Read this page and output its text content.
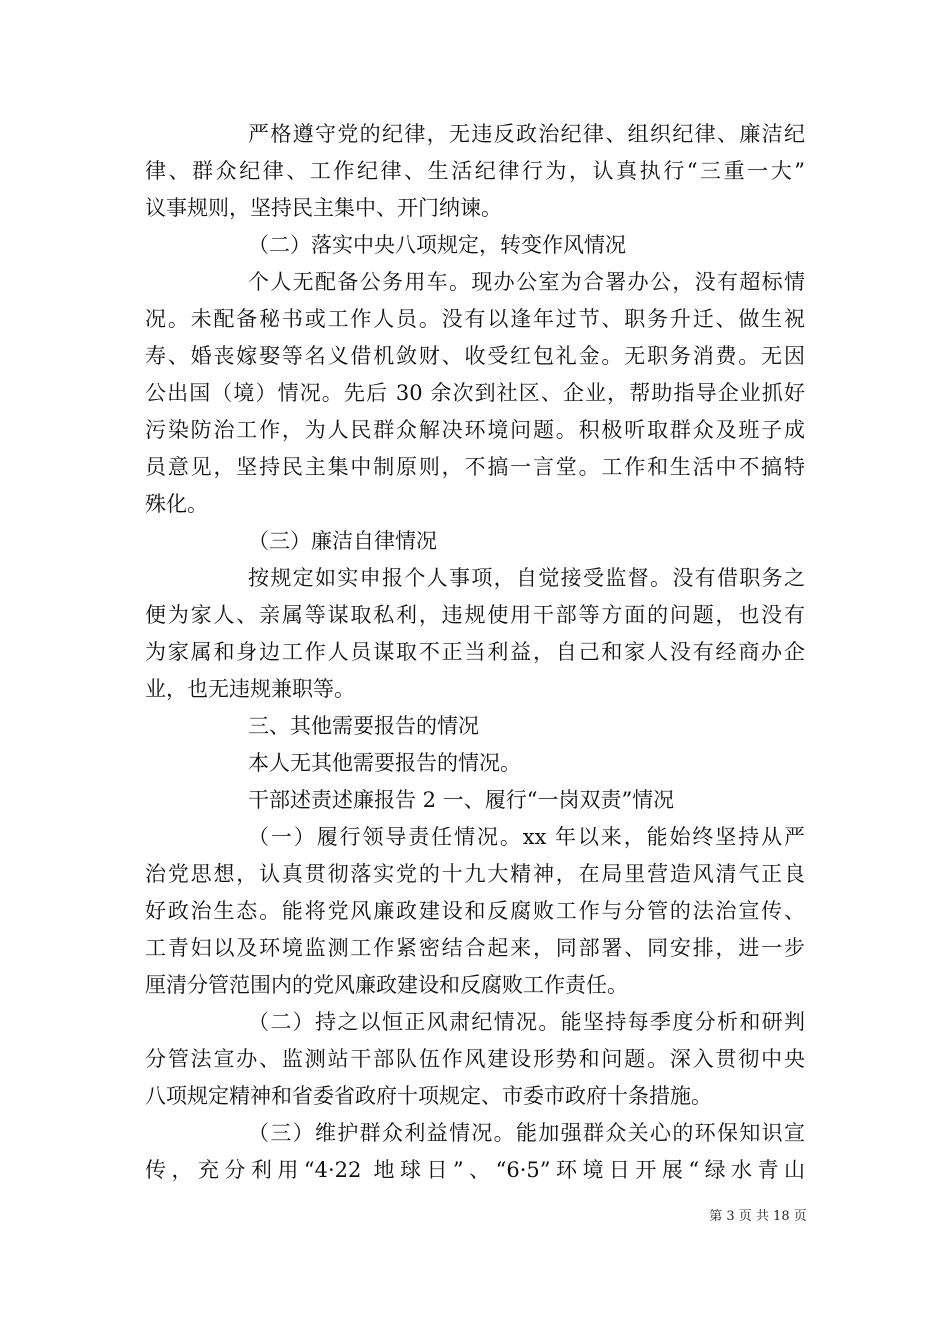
严格遵守党的纪律，无违反政治纪律、组织纪律、廉洁纪
律、群众纪律、工作纪律、生活纪律行为，认真执行“三重一大”
议事规则，坚持民主集中、开门纳谏。
（二）落实中央八项规定，转变作风情况
个人无配备公务用车。现办公室为合署办公，没有超标情
况。未配备秘书或工作人员。没有以逢年过节、职务升迁、做生祝
寿、婚丧嫁娶等名义借机敛财、收受红包礼金。无职务消费。无因
公出国（境）情况。先后 30 余次到社区、企业，帮助指导企业抓好
污染防治工作，为人民群众解决环境问题。积极听取群众及班子成
员意见，坚持民主集中制原则，不搞一言堂。工作和生活中不搞特
殊化。
（三）廉洁自律情况
按规定如实申报个人事项，自觉接受监督。没有借职务之
便为家人、亲属等谋取私利，违规使用干部等方面的问题，也没有
为家属和身边工作人员谋取不正当利益，自己和家人没有经商办企
业，也无违规兼职等。
三、其他需要报告的情况
本人无其他需要报告的情况。
干部述责述廉报告 2 一、履行“一岗双责”情况
（一）履行领导责任情况。xx 年以来，能始终坚持从严
治党思想，认真贯彻落实党的十九大精神，在局里营造风清气正良
好政治生态。能将党风廉政建设和反腐败工作与分管的法治宣传、
工青妇以及环境监测工作紧密结合起来，同部署、同安排，进一步
厘清分管范围内的党风廉政建设和反腐败工作责任。
（二）持之以恒正风肃纪情况。能坚持每季度分析和研判
分管法宣办、监测站干部队伍作风建设形势和问题。深入贯彻中央
八项规定精神和省委省政府十项规定、市委市政府十条措施。
（三）维护群众利益情况。能加强群众关心的环保知识宣
传，充分利用“4·22 地球日”、“6·5”环境日开展“绿水青山
第 3 页 共 18 页
